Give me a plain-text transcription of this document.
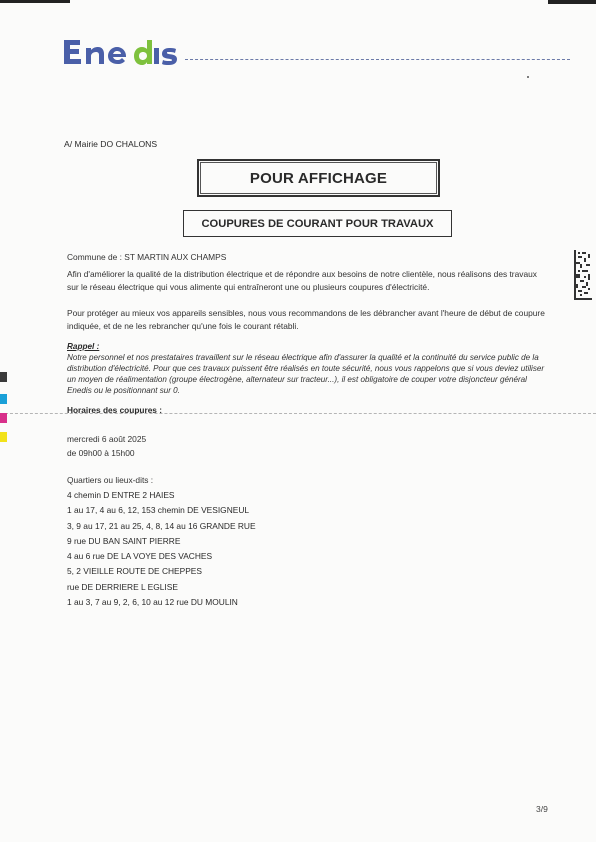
A/ Mairie DO CHALONS
POUR AFFICHAGE
COUPURES DE COURANT POUR TRAVAUX
Commune de : ST MARTIN AUX CHAMPS
Afin d'améliorer la qualité de la distribution électrique et de répondre aux besoins de notre clientèle, nous réalisons des travaux sur le réseau électrique qui vous alimente qui entraîneront une ou plusieurs coupures d'électricité.
Pour protéger au mieux vos appareils sensibles, nous vous recommandons de les débrancher avant l'heure de début de coupure indiquée, et de ne les rebrancher qu'une fois le courant rétabli.
Rappel :
Notre personnel et nos prestataires travaillent sur le réseau électrique afin d'assurer la qualité et la continuité du service public de la distribution d'électricité. Pour que ces travaux puissent être réalisés en toute sécurité, nous vous rappelons que si vous deviez utiliser un moyen de réalimentation (groupe électrogène, alternateur sur tracteur...), il est obligatoire de couper votre disjoncteur général Enedis ou le positionnant sur 0.
Horaires des coupures :
mercredi 6 août 2025
de 09h00 à 15h00
Quartiers ou lieux-dits :
4 chemin D ENTRE 2 HAIES
1 au 17, 4 au 6, 12, 153 chemin DE VESIGNEUL
3, 9 au 17, 21 au 25, 4, 8, 14 au 16 GRANDE RUE
9 rue DU BAN SAINT PIERRE
4 au 6 rue DE LA VOYE DES VACHES
5, 2 VIEILLE ROUTE DE CHEPPES
rue DE DERRIERE L EGLISE
1 au 3, 7 au 9, 2, 6, 10 au 12 rue DU MOULIN
3/9
